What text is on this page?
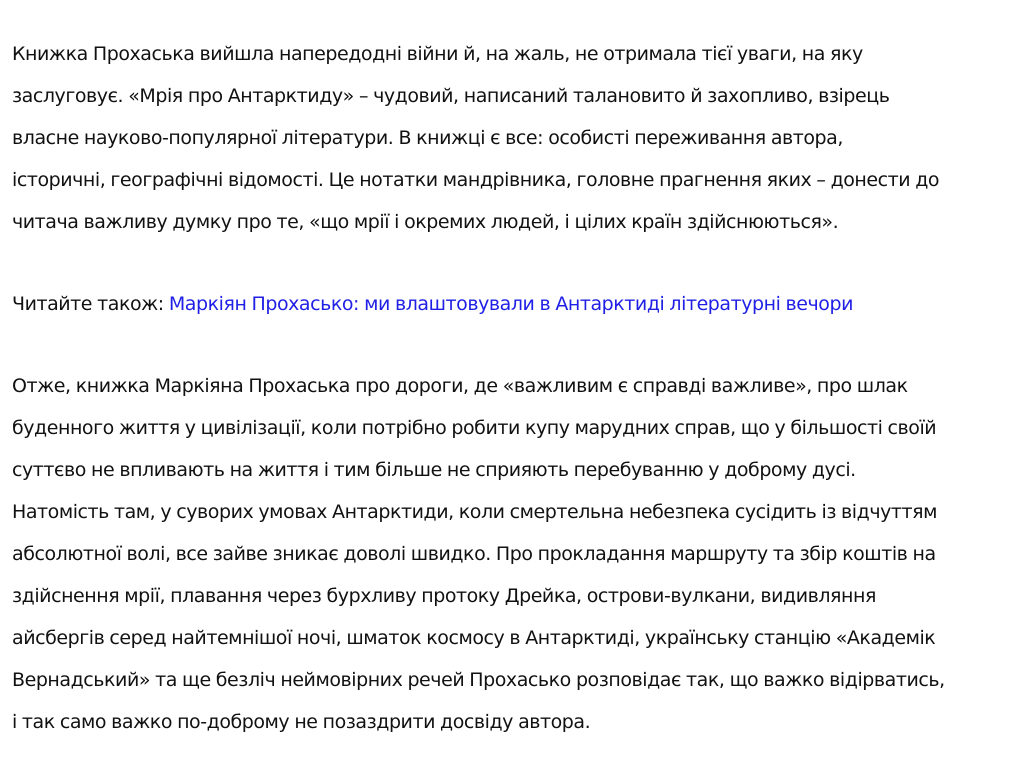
Книжка Прохаська вийшла напередодні війни й, на жаль, не отримала тієї уваги, на яку
заслуговує. «Мрія про Антарктиду» – чудовий, написаний талановито й захопливо, взірець
власне науково-популярної літератури. В книжці є все: особисті переживання автора,
історичні, географічні відомості. Це нотатки мандрівника, головне прагнення яких – донести до
читача важливу думку про те, «що мрії і окремих людей, і цілих країн здійснюються».

Читайте також: Маркіян Прохасько: ми влаштовували в Антарктиді літературні вечори

Отже, книжка Маркіяна Прохаська про дороги, де «важливим є справді важливе», про шлак
буденного життя у цивілізації, коли потрібно робити купу марудних справ, що у більшості своїй
суттєво не впливають на життя і тим більше не сприяють перебуванню у доброму дусі.
Натомість там, у суворих умовах Антарктиди, коли смертельна небезпека сусідить із відчуттям
абсолютної волі, все зайве зникає доволі швидко. Про прокладання маршруту та збір коштів на
здійснення мрії, плавання через бурхливу протоку Дрейка, острови-вулкани, видивляння
айсбергів серед найтемнішої ночі, шматок космосу в Антарктиді, українську станцію «Академік
Вернадський» та ще безліч неймовірних речей Прохасько розповідає так, що важко відірватись,
і так само важко по-доброму не позаздрити досвіду автора.
